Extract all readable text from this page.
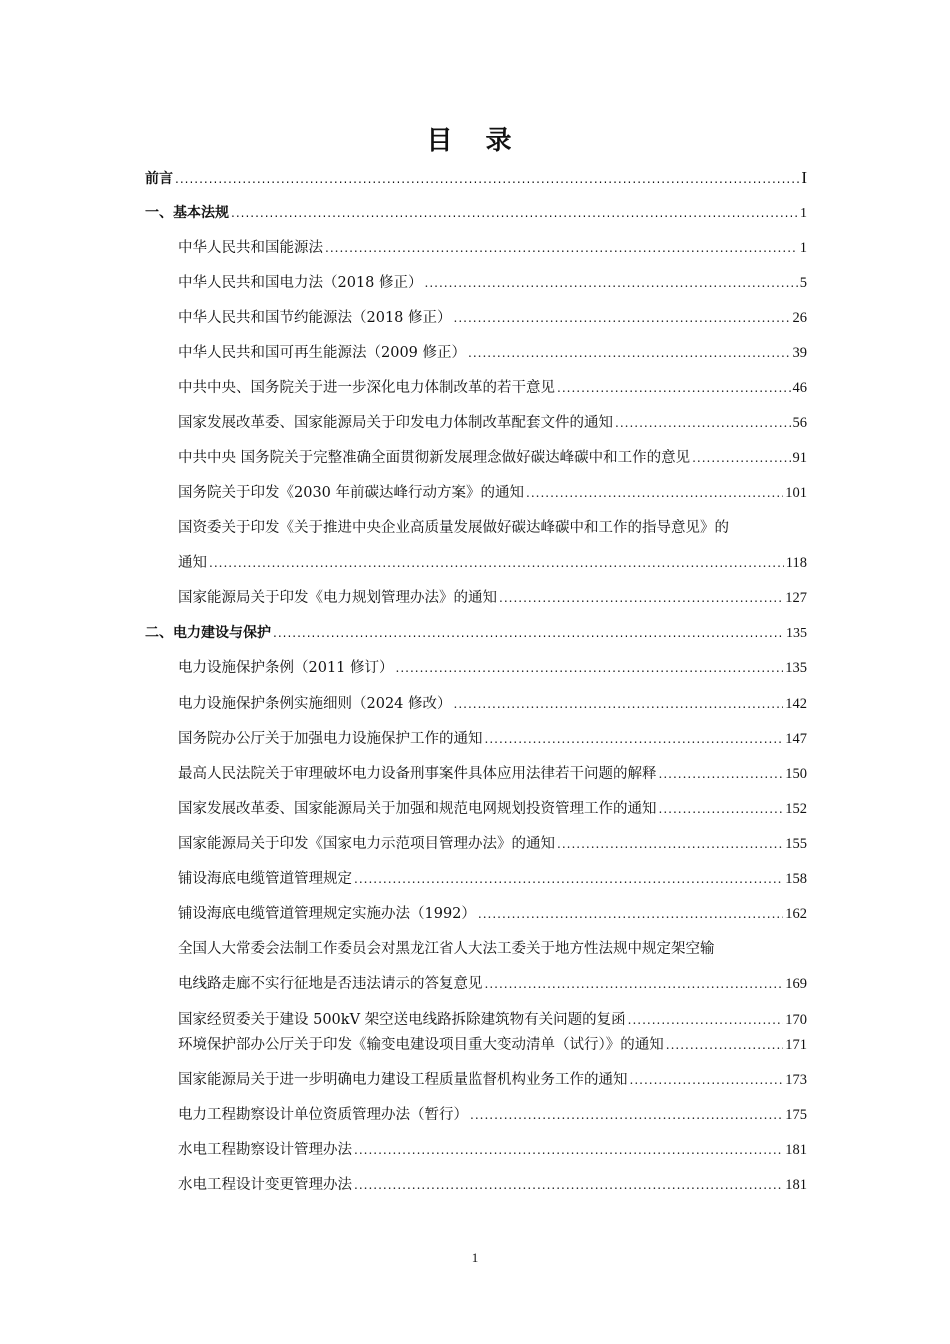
目 录
前言 .....	I
一、基本法规 .....	1
中华人民共和国能源法 .....	1
中华人民共和国电力法（2018 修正） .....	5
中华人民共和国节约能源法（2018 修正） .....	26
中华人民共和国可再生能源法（2009 修正） .....	39
中共中央、国务院关于进一步深化电力体制改革的若干意见 .....	46
国家发展改革委、国家能源局关于印发电力体制改革配套文件的通知 .....	56
中共中央 国务院关于完整准确全面贯彻新发展理念做好碳达峰碳中和工作的意见 .....	91
国务院关于印发《2030 年前碳达峰行动方案》的通知 .....	101
国资委关于印发《关于推进中央企业高质量发展做好碳达峰碳中和工作的指导意见》的
通知 .....	118
国家能源局关于印发《电力规划管理办法》的通知 .....	127
二、电力建设与保护 .....	135
电力设施保护条例（2011 修订） .....	135
电力设施保护条例实施细则（2024 修改） .....	142
国务院办公厅关于加强电力设施保护工作的通知 .....	147
最高人民法院关于审理破坏电力设备刑事案件具体应用法律若干问题的解释 .....	150
国家发展改革委、国家能源局关于加强和规范电网规划投资管理工作的通知 .....	152
国家能源局关于印发《国家电力示范项目管理办法》的通知 .....	155
铺设海底电缆管道管理规定 .....	158
铺设海底电缆管道管理规定实施办法（1992） .....	162
全国人大常委会法制工作委员会对黑龙江省人大法工委关于地方性法规中规定架空输
电线路走廊不实行征地是否违法请示的答复意见 .....	169
国家经贸委关于建设 500kV 架空送电线路拆除建筑物有关问题的复函 .....	170
环境保护部办公厅关于印发《输变电建设项目重大变动清单（试行）》的通知 .....	171
国家能源局关于进一步明确电力建设工程质量监督机构业务工作的通知 .....	173
电力工程勘察设计单位资质管理办法（暂行） .....	175
水电工程勘察设计管理办法 .....	181
水电工程设计变更管理办法 .....	181
1
